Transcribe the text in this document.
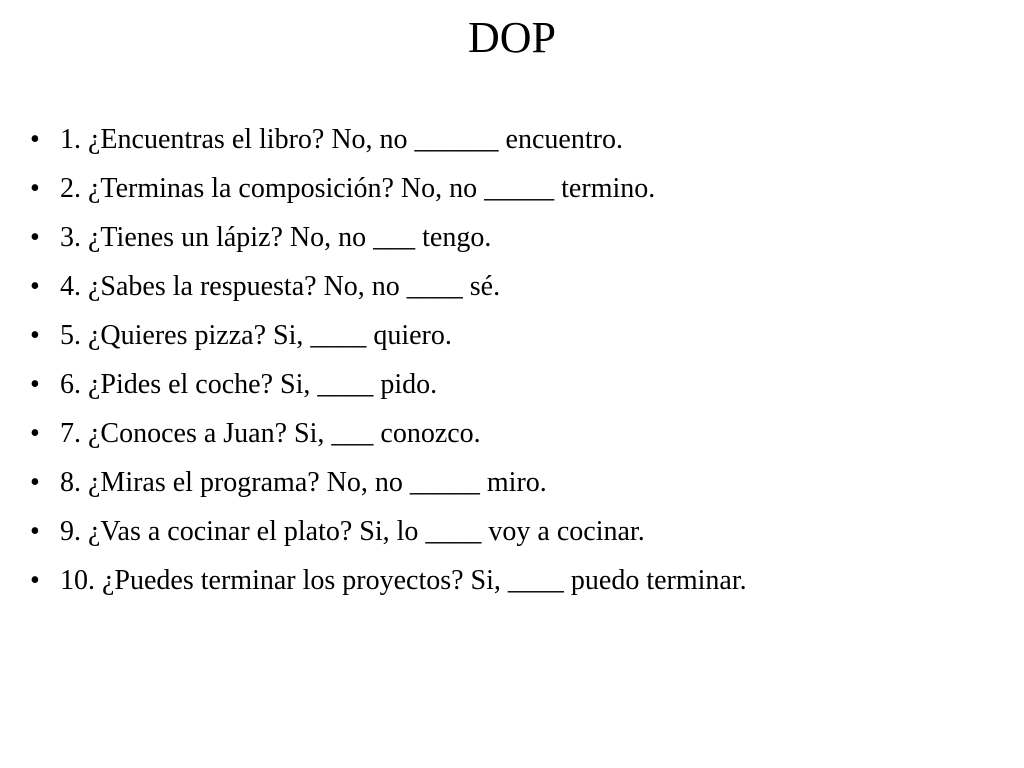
DOP
• 1. ¿Encuentras el libro? No, no ______ encuentro.
• 2. ¿Terminas la composición? No, no _____ termino.
• 3. ¿Tienes un lápiz? No, no ___ tengo.
• 4. ¿Sabes la respuesta? No, no ____ sé.
• 5. ¿Quieres pizza? Si, ____ quiero.
• 6. ¿Pides el coche? Si, ____ pido.
• 7. ¿Conoces a Juan? Si, ___ conozco.
• 8. ¿Miras el programa? No, no _____ miro.
• 9. ¿Vas a cocinar el plato? Si, lo ____ voy a cocinar.
• 10. ¿Puedes terminar los proyectos? Si, ____ puedo terminar.
